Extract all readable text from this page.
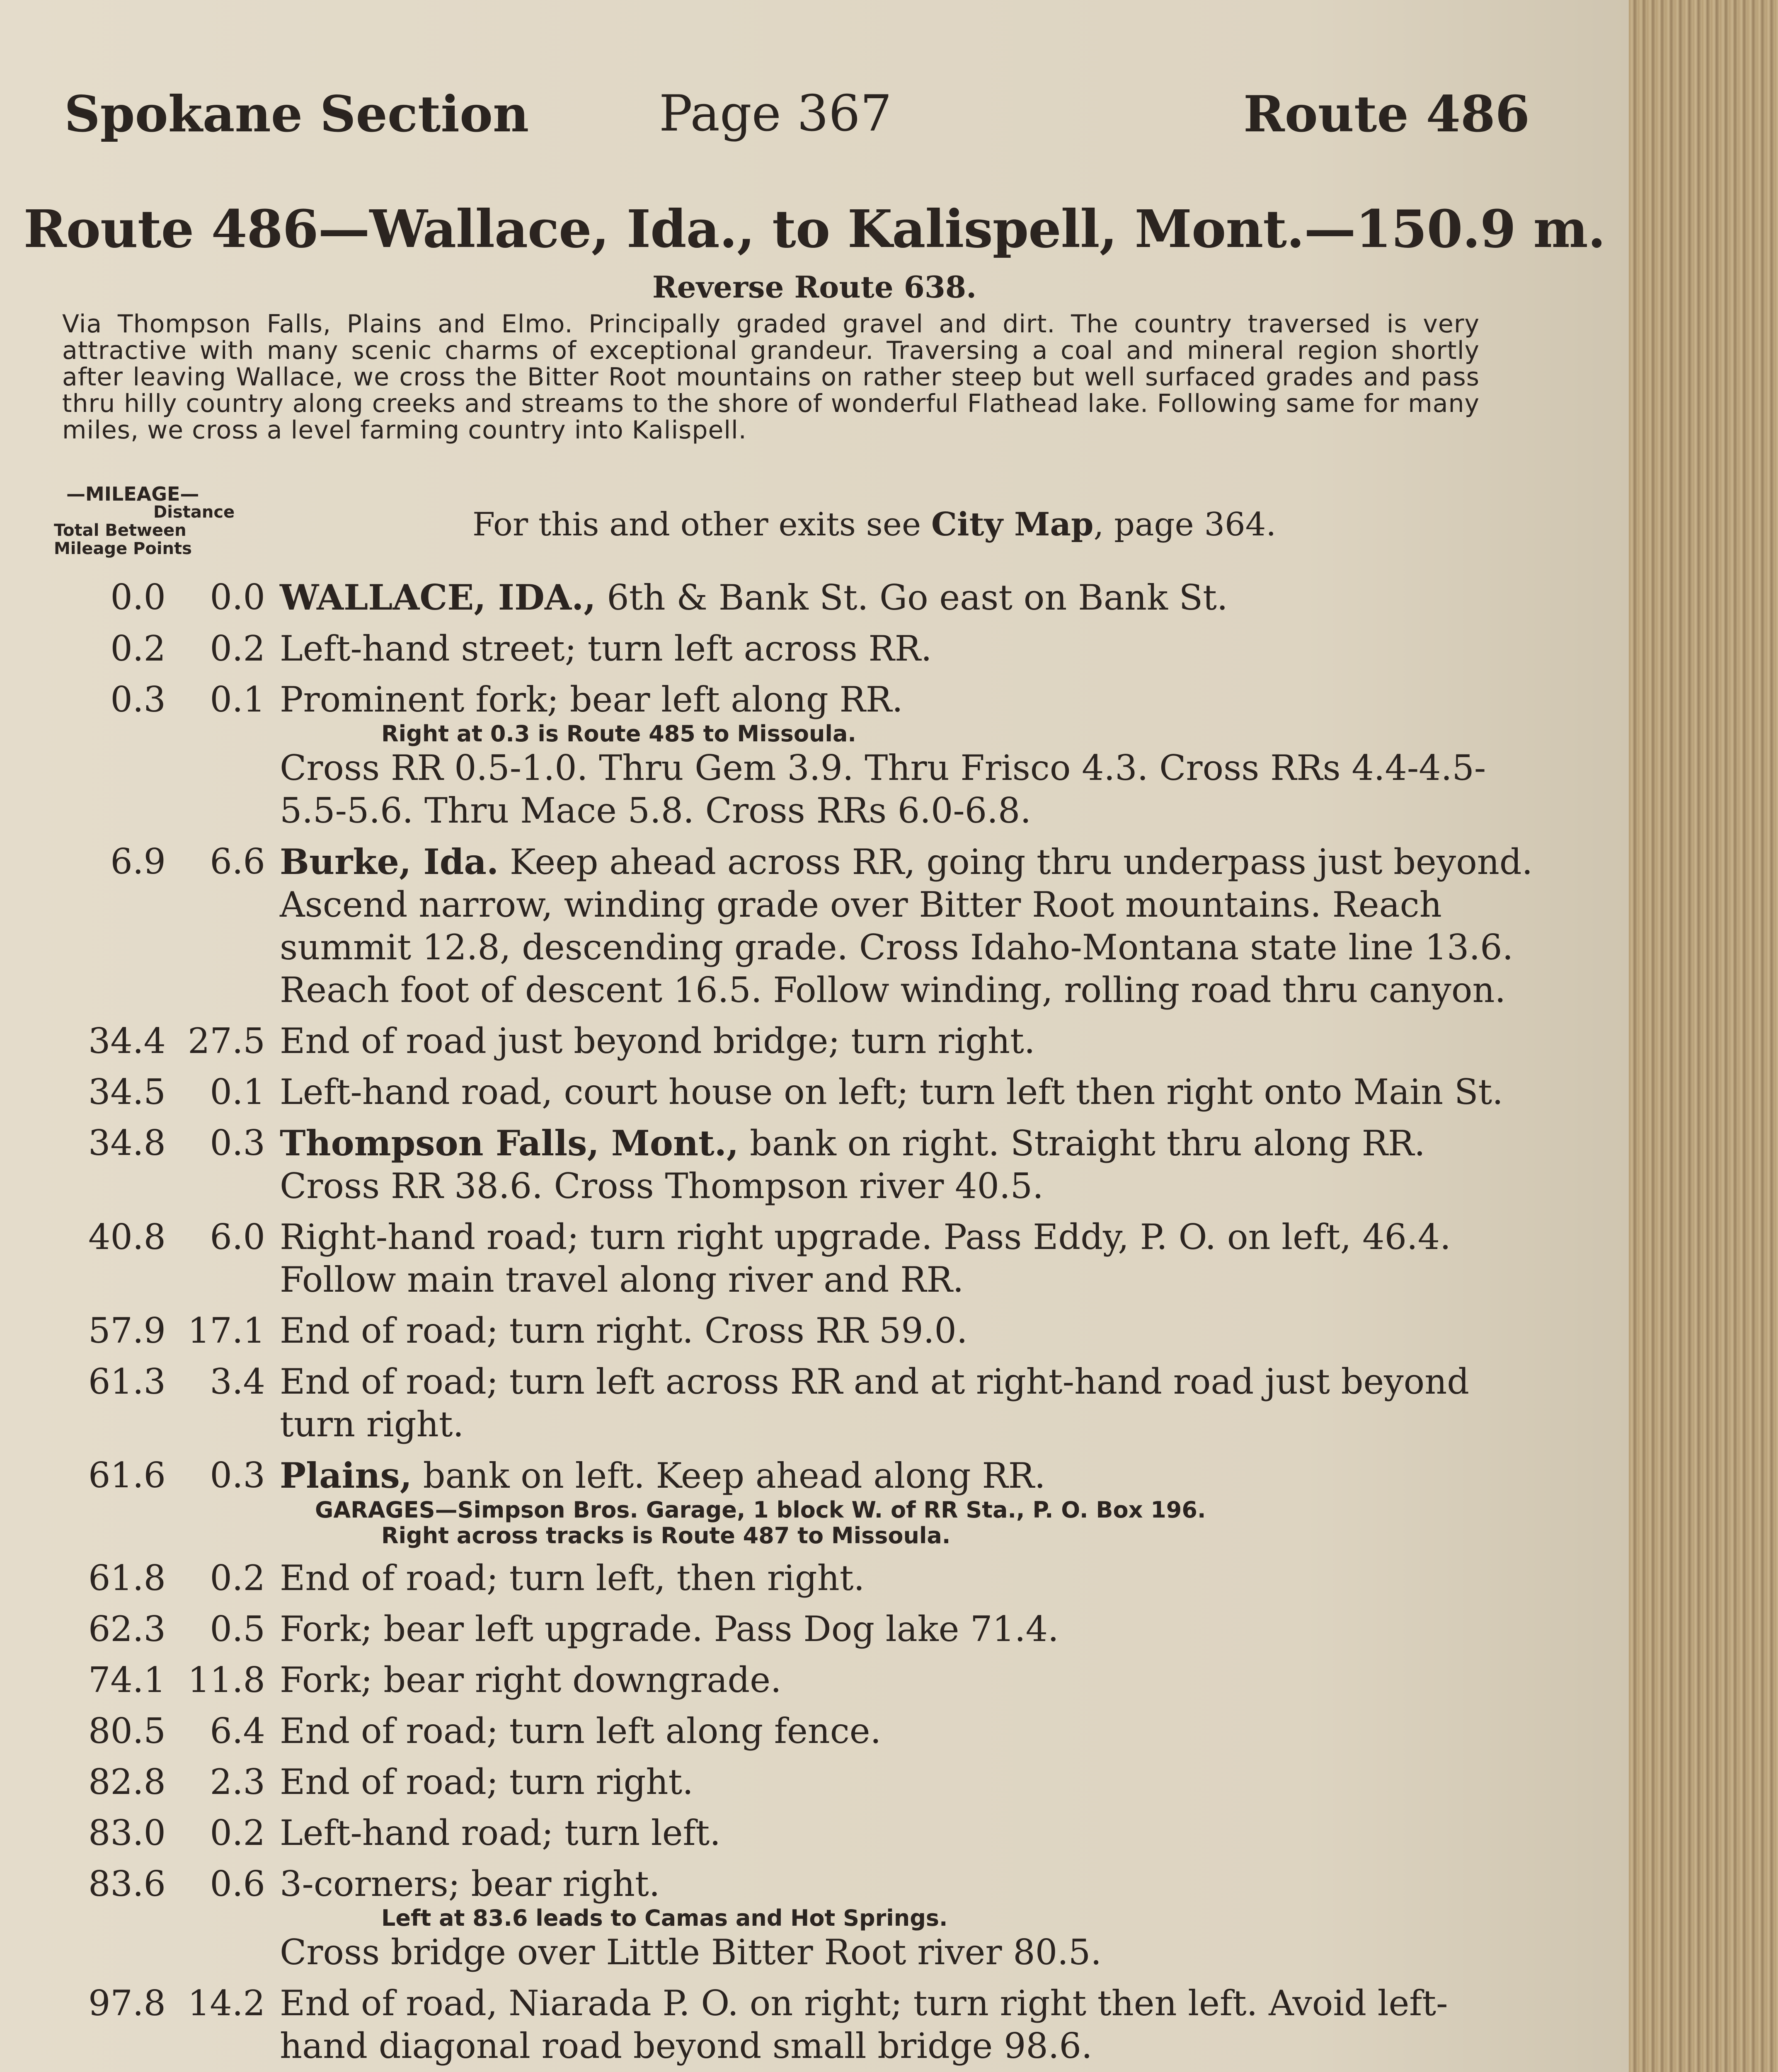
Spokane Section	Page 367	Route 486
Route 486—Wallace, Ida., to Kalispell, Mont.—150.9 m.
Reverse Route 638.
Via Thompson Falls, Plains and Elmo. Principally graded gravel and dirt. The country traversed is very attractive with many scenic charms of exceptional grandeur. Traversing a coal and mineral region shortly after leaving Wallace, we cross the Bitter Root mountains on rather steep but well surfaced grades and pass thru hilly country along creeks and streams to the shore of wonderful Flathead lake. Following same for many miles, we cross a level farming country into Kalispell.
—MILEAGE—
Distance
Total Between
Mileage Points
For this and other exits see City Map, page 364.
0.0	0.0 WALLACE, IDA., 6th & Bank St. Go east on Bank St.
0.2	0.2 Left-hand street; turn left across RR.
0.3	0.1 Prominent fork; bear left along RR.
Right at 0.3 is Route 485 to Missoula.
Cross RR 0.5-1.0. Thru Gem 3.9. Thru Frisco 4.3. Cross RRs 4.4-4.5-5.5-5.6. Thru Mace 5.8. Cross RRs 6.0-6.8.
6.9	6.6 Burke, Ida. Keep ahead across RR, going thru underpass just beyond. Ascend narrow, winding grade over Bitter Root mountains. Reach summit 12.8, descending grade. Cross Idaho-Montana state line 13.6. Reach foot of descent 16.5. Follow winding, rolling road thru canyon.
34.4 27.5 End of road just beyond bridge; turn right.
34.5	0.1 Left-hand road, court house on left; turn left then right onto Main St.
34.8	0.3 Thompson Falls, Mont., bank on right. Straight thru along RR. Cross RR 38.6. Cross Thompson river 40.5.
40.8	6.0 Right-hand road; turn right upgrade. Pass Eddy, P. O. on left, 46.4. Follow main travel along river and RR.
57.9 17.1 End of road; turn right. Cross RR 59.0.
61.3	3.4 End of road; turn left across RR and at right-hand road just beyond turn right.
61.6	0.3 Plains, bank on left. Keep ahead along RR.
GARAGES—Simpson Bros. Garage, 1 block W. of RR Sta., P. O. Box 196.
Right across tracks is Route 487 to Missoula.
61.8	0.2 End of road; turn left, then right.
62.3	0.5 Fork; bear left upgrade. Pass Dog lake 71.4.
74.1 11.8 Fork; bear right downgrade.
80.5	6.4 End of road; turn left along fence.
82.8	2.3 End of road; turn right.
83.0	0.2 Left-hand road; turn left.
83.6	0.6 3-corners; bear right.
Left at 83.6 leads to Camas and Hot Springs.
Cross bridge over Little Bitter Root river 80.5.
97.8 14.2 End of road, Niarada P. O. on right; turn right then left. Avoid left-hand diagonal road beyond small bridge 98.6.
